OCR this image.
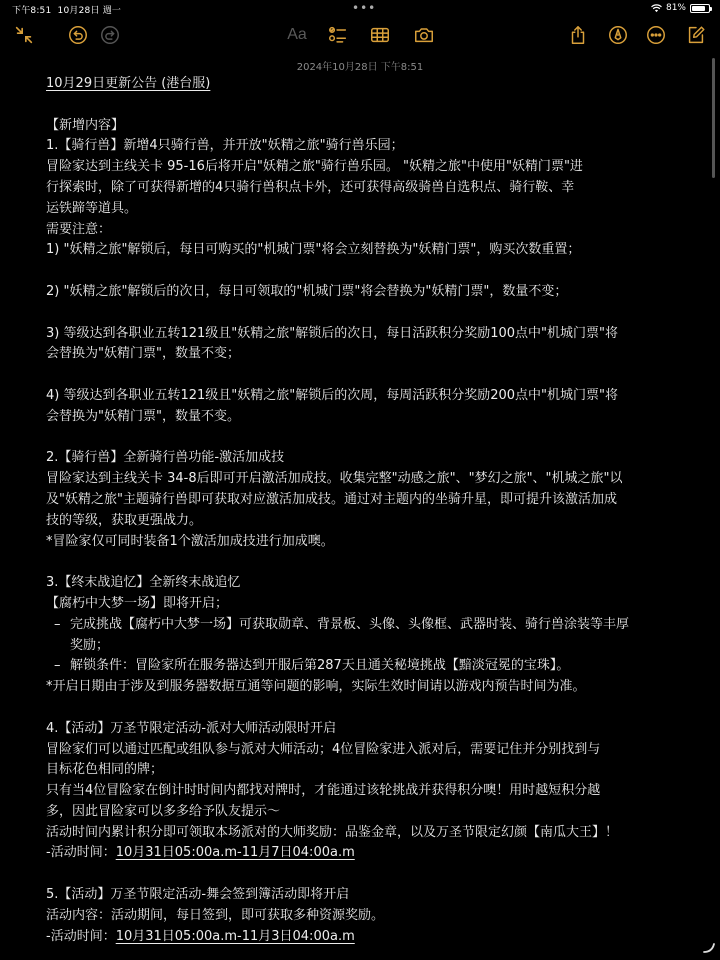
下午8:51 10月28日 週一	•••	81%
Aa
2024年10月28日 下午8:51
10月29日更新公告 (港台服)
【新增内容】
1.【骑行兽】新增4只骑行兽，并开放"妖精之旅"骑行兽乐园；
冒险家达到主线关卡 95-16后将开启"妖精之旅"骑行兽乐园。 "妖精之旅"中使用"妖精门票"进
行探索时，除了可获得新增的4只骑行兽积点卡外，还可获得高级骑兽自选积点、骑行鞍、幸
运铁蹄等道具。
需要注意：
1) "妖精之旅"解锁后，每日可购买的"机城门票"将会立刻替换为"妖精门票"，购买次数重置；
2) "妖精之旅"解锁后的次日，每日可领取的"机城门票"将会替换为"妖精门票"，数量不变；
3) 等级达到各职业五转121级且"妖精之旅"解锁后的次日，每日活跃积分奖励100点中"机城门票"将
会替换为"妖精门票"，数量不变；
4) 等级达到各职业五转121级且"妖精之旅"解锁后的次周，每周活跃积分奖励200点中"机城门票"将
会替换为"妖精门票"，数量不变。
2.【骑行兽】全新骑行兽功能-激活加成技
冒险家达到主线关卡 34-8后即可开启激活加成技。收集完整"动感之旅"、"梦幻之旅"、"机城之旅"以
及"妖精之旅"主题骑行兽即可获取对应激活加成技。通过对主题内的坐骑升星，即可提升该激活加成
技的等级，获取更强战力。
*冒险家仅可同时装备1个激活加成技进行加成噢。
3.【终末战追忆】全新终末战追忆
【腐朽中大梦一场】即将开启；
– 完成挑战【腐朽中大梦一场】可获取勋章、背景板、头像、头像框、武器时装、骑行兽涂装等丰厚
奖励；
– 解锁条件：冒险家所在服务器达到开服后第287天且通关秘境挑战【黯淡冠冕的宝珠】。
*开启日期由于涉及到服务器数据互通等问题的影响，实际生效时间请以游戏内预告时间为准。
4.【活动】万圣节限定活动-派对大师活动限时开启
冒险家们可以通过匹配或组队参与派对大师活动；4位冒险家进入派对后，需要记住并分别找到与
目标花色相同的牌；
只有当4位冒险家在倒计时时间内都找对牌时，才能通过该轮挑战并获得积分噢！用时越短积分越
多，因此冒险家可以多多给予队友提示～
活动时间内累计积分即可领取本场派对的大师奖励：品鉴金章，以及万圣节限定幻颜【南瓜大王】！
-活动时间：10月31日05:00a.m-11月7日04:00a.m
5.【活动】万圣节限定活动-舞会签到簿活动即将开启
活动内容：活动期间，每日签到，即可获取多种资源奖励。
-活动时间：10月31日05:00a.m-11月3日04:00a.m
